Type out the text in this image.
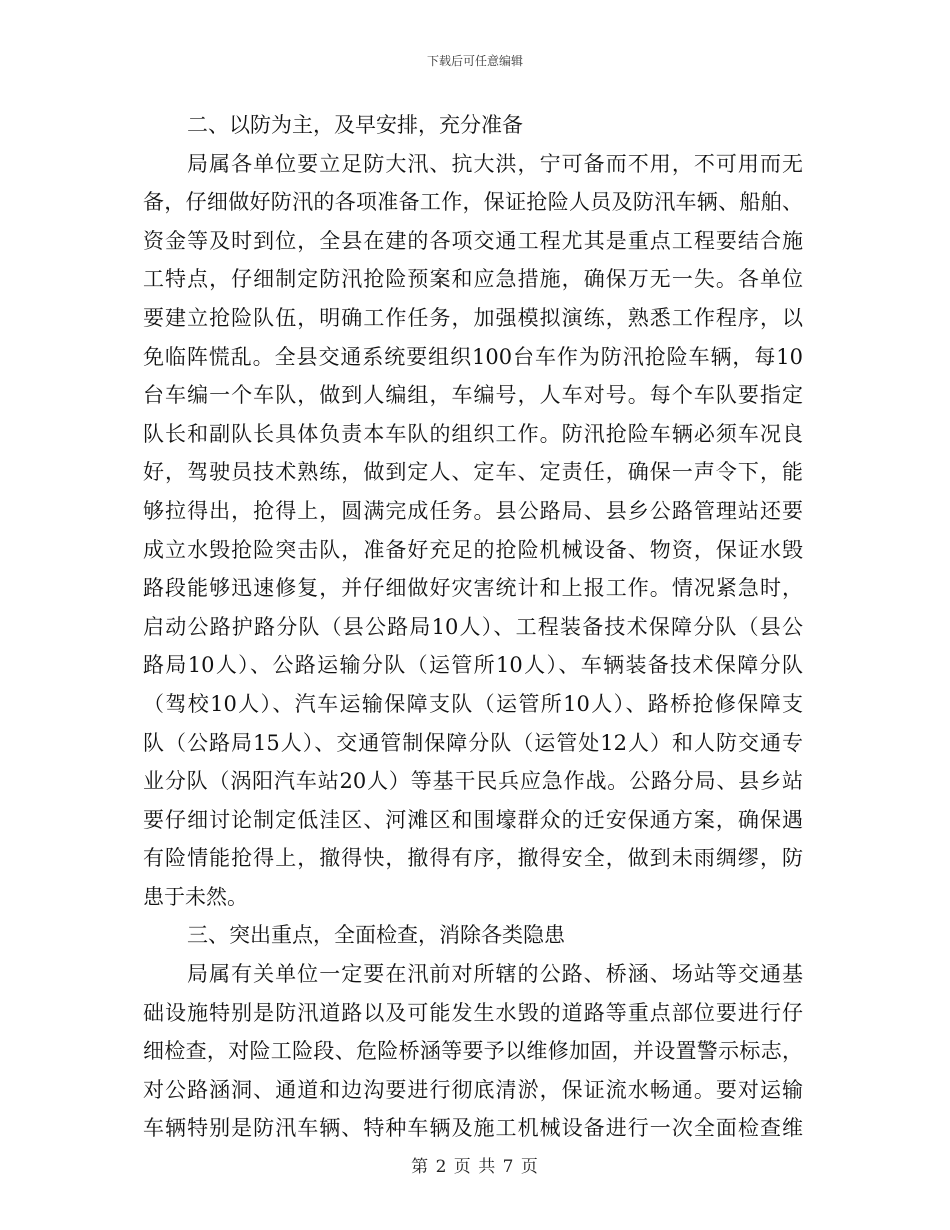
下载后可任意编辑
二、以防为主，及早安排，充分准备
局属各单位要立足防大汛、抗大洪，宁可备而不用，不可用而无
备，仔细做好防汛的各项准备工作，保证抢险人员及防汛车辆、船舶、
资金等及时到位，全县在建的各项交通工程尤其是重点工程要结合施
工特点，仔细制定防汛抢险预案和应急措施，确保万无一失。各单位
要建立抢险队伍，明确工作任务，加强模拟演练，熟悉工作程序，以
免临阵慌乱。全县交通系统要组织100台车作为防汛抢险车辆，每10
台车编一个车队，做到人编组，车编号，人车对号。每个车队要指定
队长和副队长具体负责本车队的组织工作。防汛抢险车辆必须车况良
好，驾驶员技术熟练，做到定人、定车、定责任，确保一声令下，能
够拉得出，抢得上，圆满完成任务。县公路局、县乡公路管理站还要
成立水毁抢险突击队，准备好充足的抢险机械设备、物资，保证水毁
路段能够迅速修复，并仔细做好灾害统计和上报工作。情况紧急时，
启动公路护路分队（县公路局10人）、工程装备技术保障分队（县公
路局10人）、公路运输分队（运管所10人）、车辆装备技术保障分队
（驾校10人）、汽车运输保障支队（运管所10人）、路桥抢修保障支
队（公路局15人）、交通管制保障分队（运管处12人）和人防交通专
业分队（涡阳汽车站20人）等基干民兵应急作战。公路分局、县乡站
要仔细讨论制定低洼区、河滩区和围壕群众的迁安保通方案，确保遇
有险情能抢得上，撤得快，撤得有序，撤得安全，做到未雨绸缪，防
患于未然。
三、突出重点，全面检查，消除各类隐患
局属有关单位一定要在汛前对所辖的公路、桥涵、场站等交通基
础设施特别是防汛道路以及可能发生水毁的道路等重点部位要进行仔
细检查，对险工险段、危险桥涵等要予以维修加固，并设置警示标志，
对公路涵洞、通道和边沟要进行彻底清淤，保证流水畅通。要对运输
车辆特别是防汛车辆、特种车辆及施工机械设备进行一次全面检查维
第 2 页 共 7 页
